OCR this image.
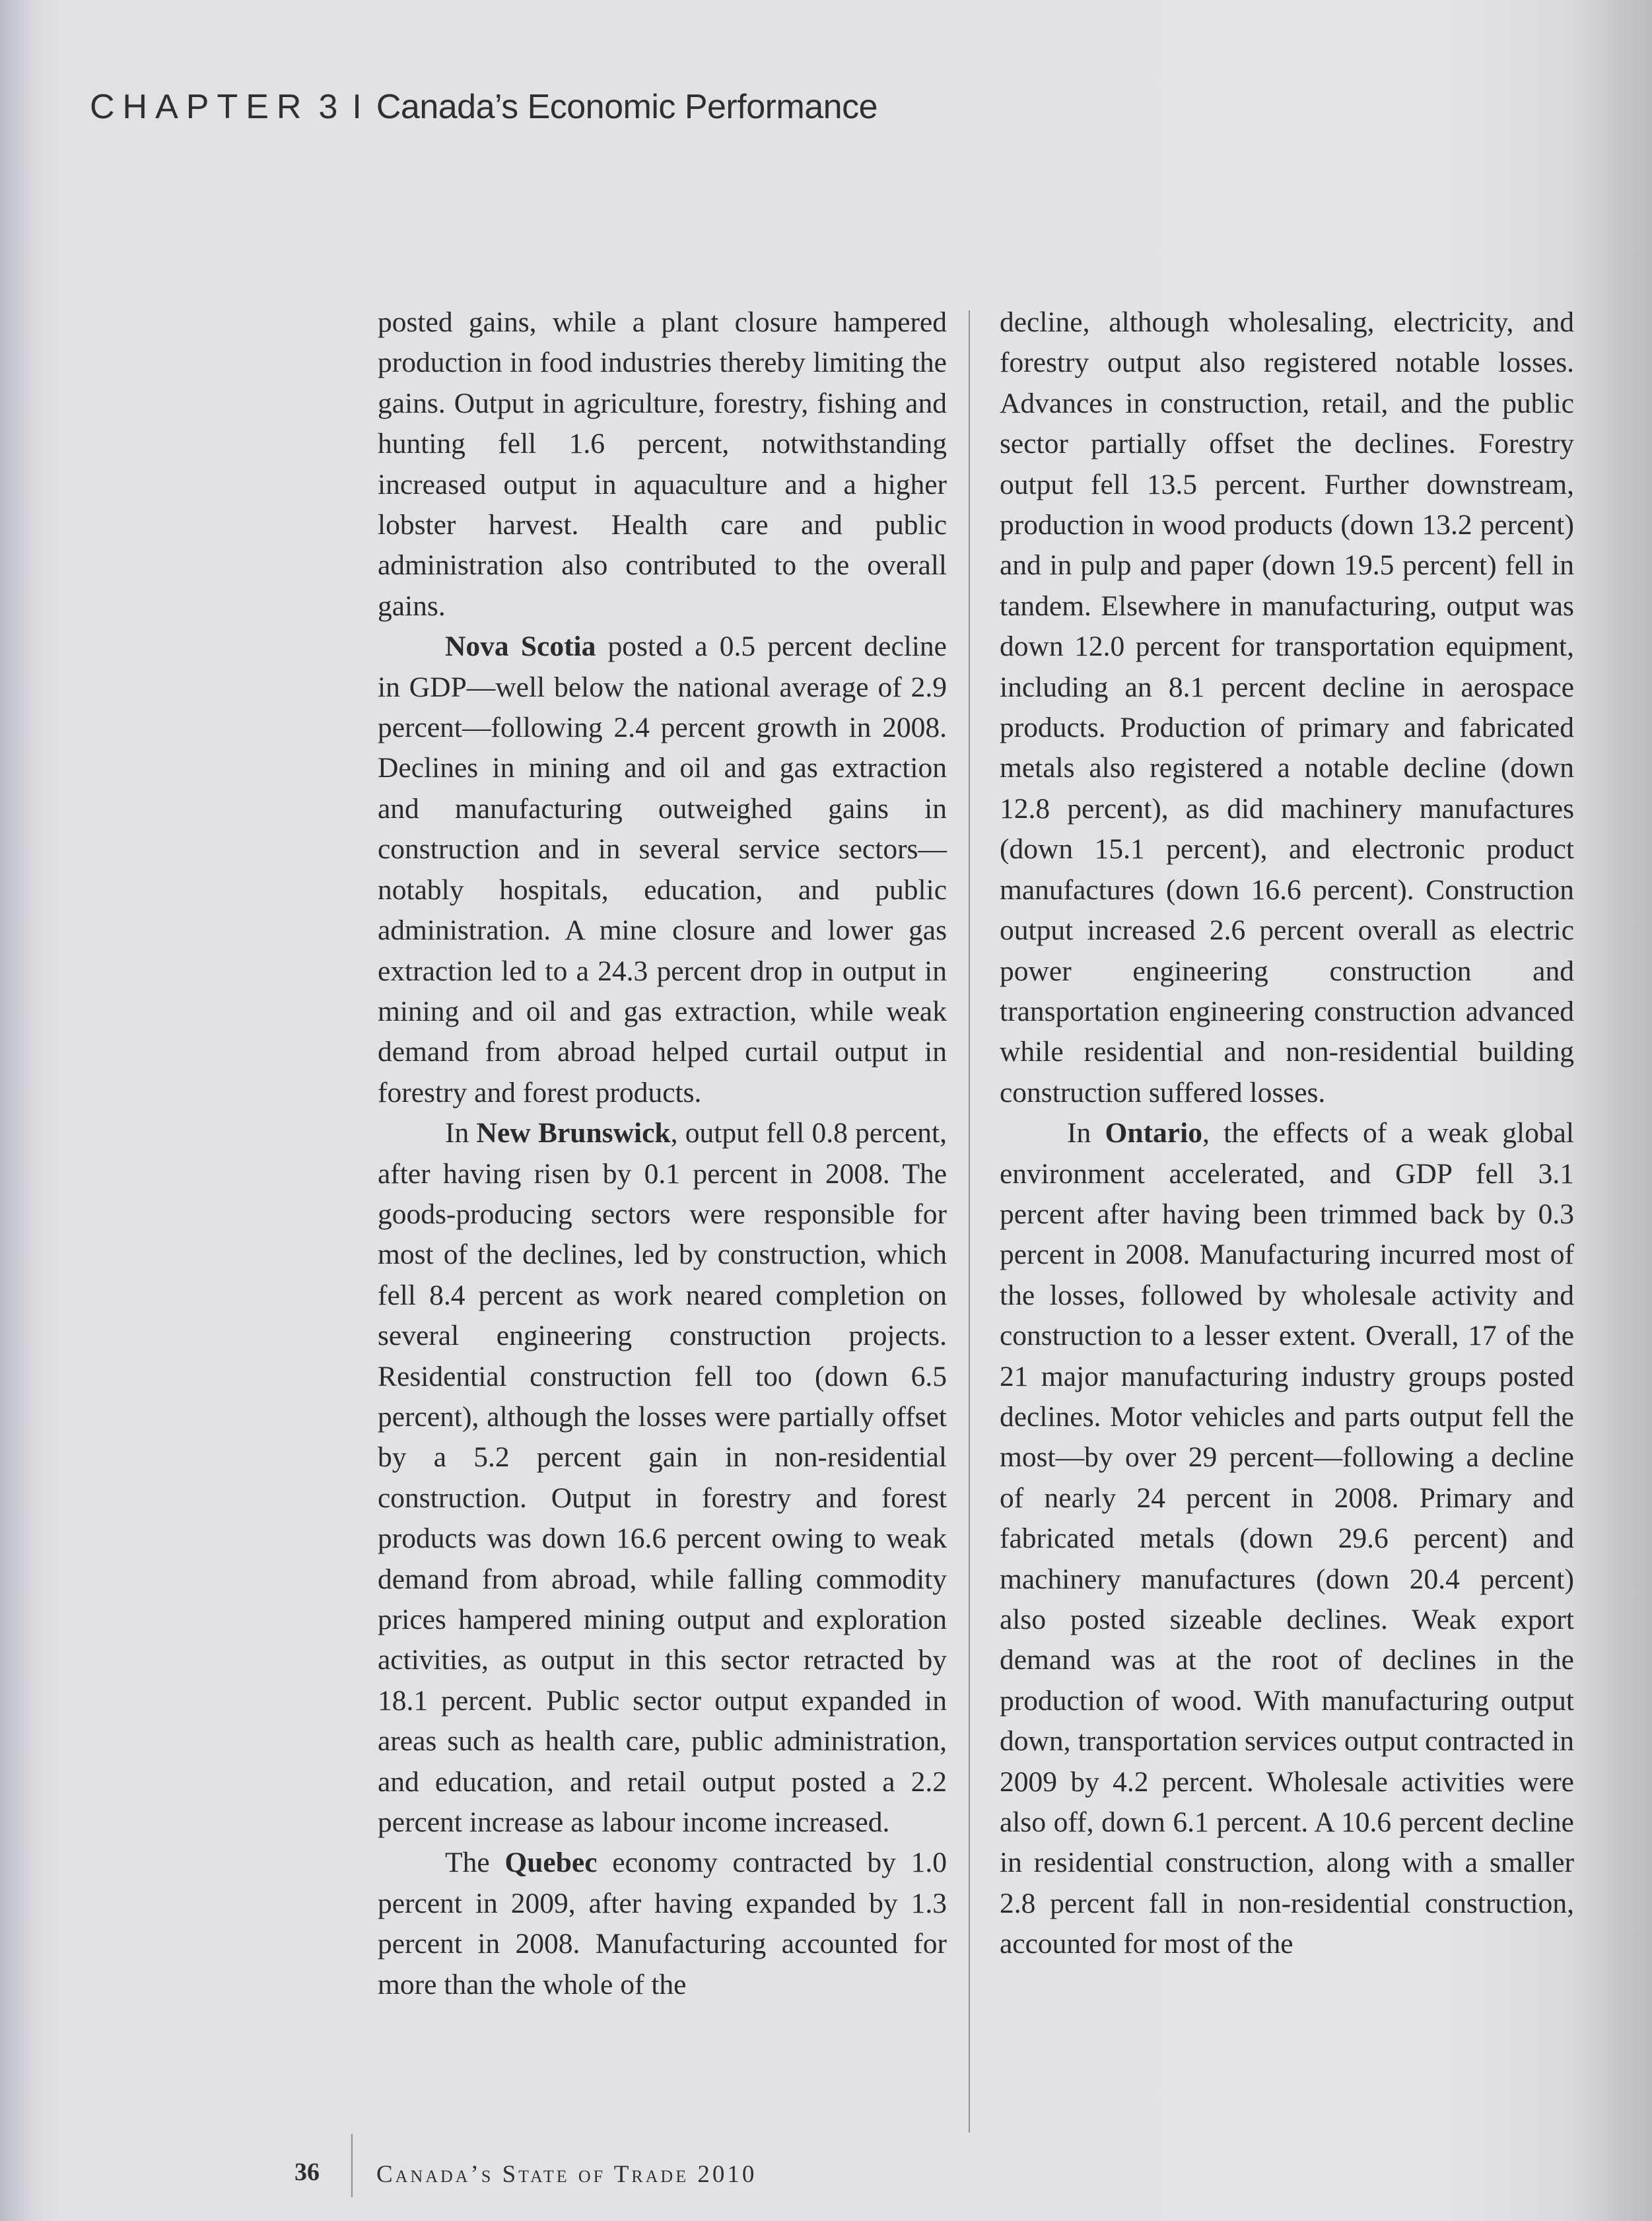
CHAPTER 3 I Canada’s Economic Performance

posted gains, while a plant closure hampered production in food industries thereby limiting the gains. Output in agriculture, forestry, fishing and hunting fell 1.6 percent, notwithstanding increased output in aquaculture and a higher lobster harvest. Health care and public administration also contributed to the overall gains.

Nova Scotia posted a 0.5 percent decline in GDP—well below the national average of 2.9 percent—following 2.4 percent growth in 2008. Declines in mining and oil and gas extraction and manufacturing outweighed gains in construction and in several service sectors—notably hospitals, education, and public administration. A mine closure and lower gas extraction led to a 24.3 percent drop in output in mining and oil and gas extraction, while weak demand from abroad helped curtail output in forestry and forest products.

In New Brunswick, output fell 0.8 percent, after having risen by 0.1 percent in 2008. The goods-producing sectors were responsible for most of the declines, led by construction, which fell 8.4 percent as work neared completion on several engineering construction projects. Residential construction fell too (down 6.5 percent), although the losses were partially offset by a 5.2 percent gain in non-residential construction. Output in forestry and forest products was down 16.6 percent owing to weak demand from abroad, while falling commodity prices hampered mining output and exploration activities, as output in this sector retracted by 18.1 percent. Public sector output expanded in areas such as health care, public administration, and education, and retail output posted a 2.2 percent increase as labour income increased.

The Quebec economy contracted by 1.0 percent in 2009, after having expanded by 1.3 percent in 2008. Manufacturing accounted for more than the whole of the

decline, although wholesaling, electricity, and forestry output also registered notable losses. Advances in construction, retail, and the public sector partially offset the declines. Forestry output fell 13.5 percent. Further downstream, production in wood products (down 13.2 percent) and in pulp and paper (down 19.5 percent) fell in tandem. Elsewhere in manufacturing, output was down 12.0 percent for transportation equipment, including an 8.1 percent decline in aerospace products. Production of primary and fabricated metals also registered a notable decline (down 12.8 percent), as did machinery manufactures (down 15.1 percent), and electronic product manufactures (down 16.6 percent). Construction output increased 2.6 percent overall as electric power engineering construction and transportation engineering construction advanced while residential and non-residential building construction suffered losses.

In Ontario, the effects of a weak global environment accelerated, and GDP fell 3.1 percent after having been trimmed back by 0.3 percent in 2008. Manufacturing incurred most of the losses, followed by wholesale activity and construction to a lesser extent. Overall, 17 of the 21 major manufacturing industry groups posted declines. Motor vehicles and parts output fell the most—by over 29 percent—following a decline of nearly 24 percent in 2008. Primary and fabricated metals (down 29.6 percent) and machinery manufactures (down 20.4 percent) also posted sizeable declines. Weak export demand was at the root of declines in the production of wood. With manufacturing output down, transportation services output contracted in 2009 by 4.2 percent. Wholesale activities were also off, down 6.1 percent. A 10.6 percent decline in residential construction, along with a smaller 2.8 percent fall in non-residential construction, accounted for most of the

36 Canada’s State of Trade 2010
